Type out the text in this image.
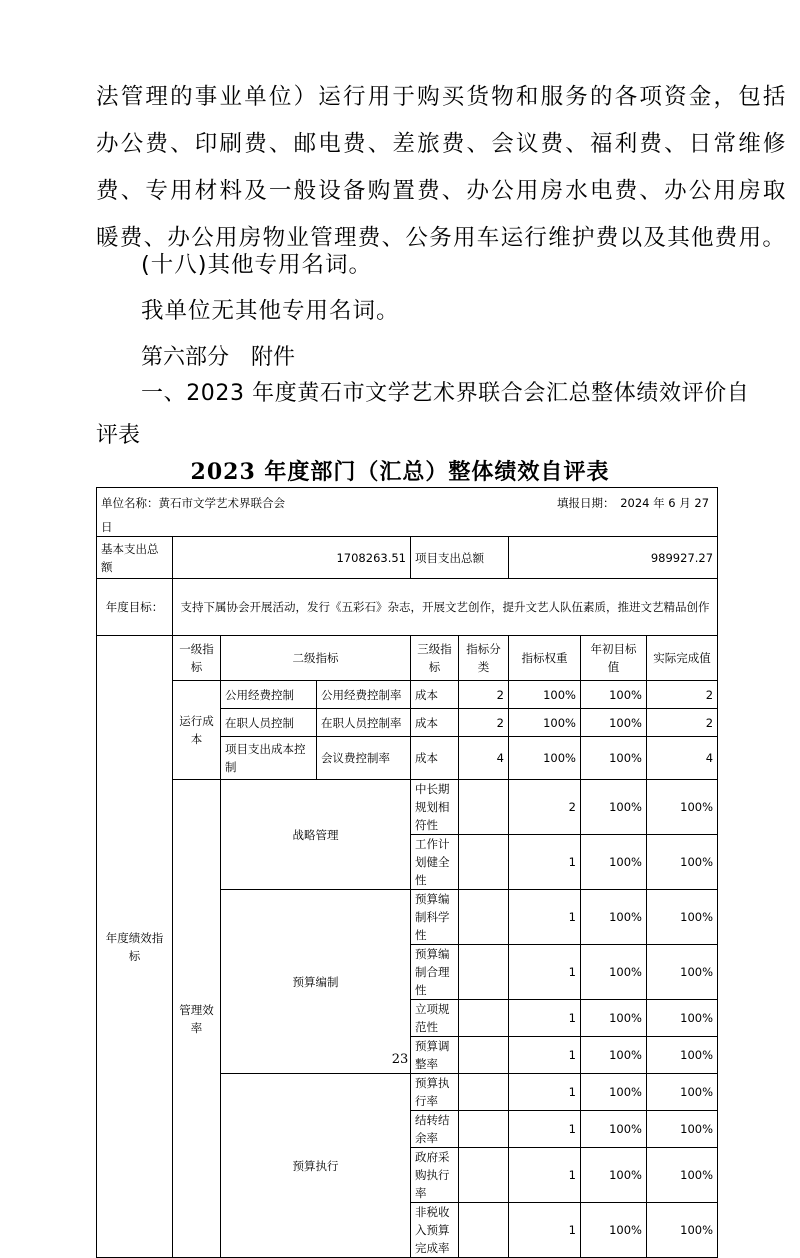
法管理的事业单位）运行用于购买货物和服务的各项资金，包括
办公费、印刷费、邮电费、差旅费、会议费、福利费、日常维修
费、专用材料及一般设备购置费、办公用房水电费、办公用房取
暖费、办公用房物业管理费、公务用车运行维护费以及其他费用。
(十八)其他专用名词。
我单位无其他专用名词。
第六部分　附件
一、2023 年度黄石市文学艺术界联合会汇总整体绩效评价自
评表
2023 年度部门（汇总）整体绩效自评表
单位名称：黄石市文学艺术界联合会 填报日期：　2024 年 6 月 27
日									

基本支出总额	1708263.51			项目支出总额		989927.27			
年度目标：	支持下属协会开展活动，发行《五彩石》杂志，开展文艺创作，提升文艺人队伍素质，推进文艺精品创作								
年度绩效指标	一级指标	二级指标		三级指标	指标分类	指标权重	年初目标值	实际完成值	
	运行成本	公用经费控制	公用经费控制率	成本	2	100%	100%	2	
		在职人员控制	在职人员控制率	成本	2	100%	100%	2	
		项目支出成本控制	会议费控制率	成本	4	100%	100%	4	
	管理效率	战略管理		中长期规划相符性		2	100%	100%	
				工作计划健全性		1	100%	100%	
		预算编制		预算编制科学性		1	100%	100%	
				预算编制合理性		1	100%	100%	
				立项规范性		1	100%	100%	
				预算调整率		1	100%	100%	
		预算执行		预算执行率		1	100%	100%	
				结转结余率		1	100%	100%	
				政府采购执行率		1	100%	100%	
				非税收入预算完成率		1	100%	100%	
23
